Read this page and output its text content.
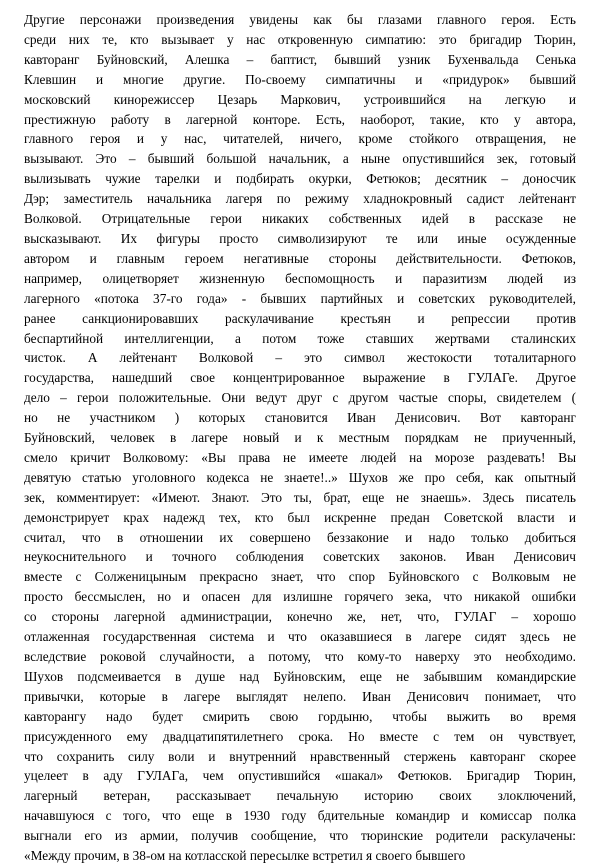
Другие персонажи произведения увидены как бы глазами главного героя. Есть
среди них те, кто вызывает у нас откровенную симпатию: это бригадир Тюрин,
кавторанг Буйновский, Алешка – баптист, бывший узник Бухенвальда Сенька
Клевшин и многие другие. По-своему симпатичны и «придурок» бывший
московский кинорежиссер Цезарь Маркович, устроившийся на легкую и
престижную работу в лагерной конторе. Есть, наоборот, такие, кто у автора,
главного героя и у нас, читателей, ничего, кроме стойкого отвращения, не
вызывают. Это – бывший большой начальник, а ныне опустившийся зек, готовый
вылизывать чужие тарелки и подбирать окурки, Фетюков; десятник – доносчик
Дэр; заместитель начальника лагеря по режиму хладнокровный садист лейтенант
Волковой. Отрицательные герои никаких собственных идей в рассказе не
высказывают. Их фигуры просто символизируют те или иные осужденные
автором и главным героем негативные стороны действительности. Фетюков,
например, олицетворяет жизненную беспомощность и паразитизм людей из
лагерного «потока 37-го года» - бывших партийных и советских руководителей,
ранее санкционировавших раскулачивание крестьян и репрессии против
беспартийной интеллигенции, а потом тоже ставших жертвами сталинских
чисток. А лейтенант Волковой – это символ жестокости тоталитарного
государства, нашедший свое концентрированное выражение в ГУЛАГе. Другое
дело – герои положительные. Они ведут друг с другом частые споры, свидетелем (
но не участником ) которых становится Иван Денисович. Вот кавторанг
Буйновский, человек в лагере новый и к местным порядкам не приученный,
смело кричит Волковому: «Вы права не имеете людей на морозе раздевать! Вы
девятую статью уголовного кодекса не знаете!..» Шухов же про себя, как опытный
зек, комментирует: «Имеют. Знают. Это ты, брат, еще не знаешь». Здесь писатель
демонстрирует крах надежд тех, кто был искренне предан Советской власти и
считал, что в отношении их совершено беззаконие и надо только добиться
неукоснительного и точного соблюдения советских законов. Иван Денисович
вместе с Солженицыным прекрасно знает, что спор Буйновского с Волковым не
просто бессмыслен, но и опасен для излишне горячего зека, что никакой ошибки
со стороны лагерной администрации, конечно же, нет, что, ГУЛАГ – хорошо
отлаженная государственная система и что оказавшиеся в лагере сидят здесь не
вследствие роковой случайности, а потому, что кому-то наверху это необходимо.
Шухов подсмеивается в душе над Буйновским, еще не забывшим командирские
привычки, которые в лагере выглядят нелепо. Иван Денисович понимает, что
кавторангу надо будет смирить свою гордыню, чтобы выжить во время
присужденного ему двадцатипятилетнего срока. Но вместе с тем он чувствует,
что сохранить силу воли и внутренний нравственный стержень кавторанг скорее
уцелеет в аду ГУЛАГа, чем опустившийся «шакал» Фетюков. Бригадир Тюрин,
лагерный ветеран, рассказывает печальную историю своих злоключений,
начавшуюся с того, что еще в 1930 году бдительные командир и комиссар полка
выгнали его из армии, получив сообщение, что тюринские родители раскулачены:
«Между прочим, в 38-ом на котласской пересылке встретил я своего бывшего
